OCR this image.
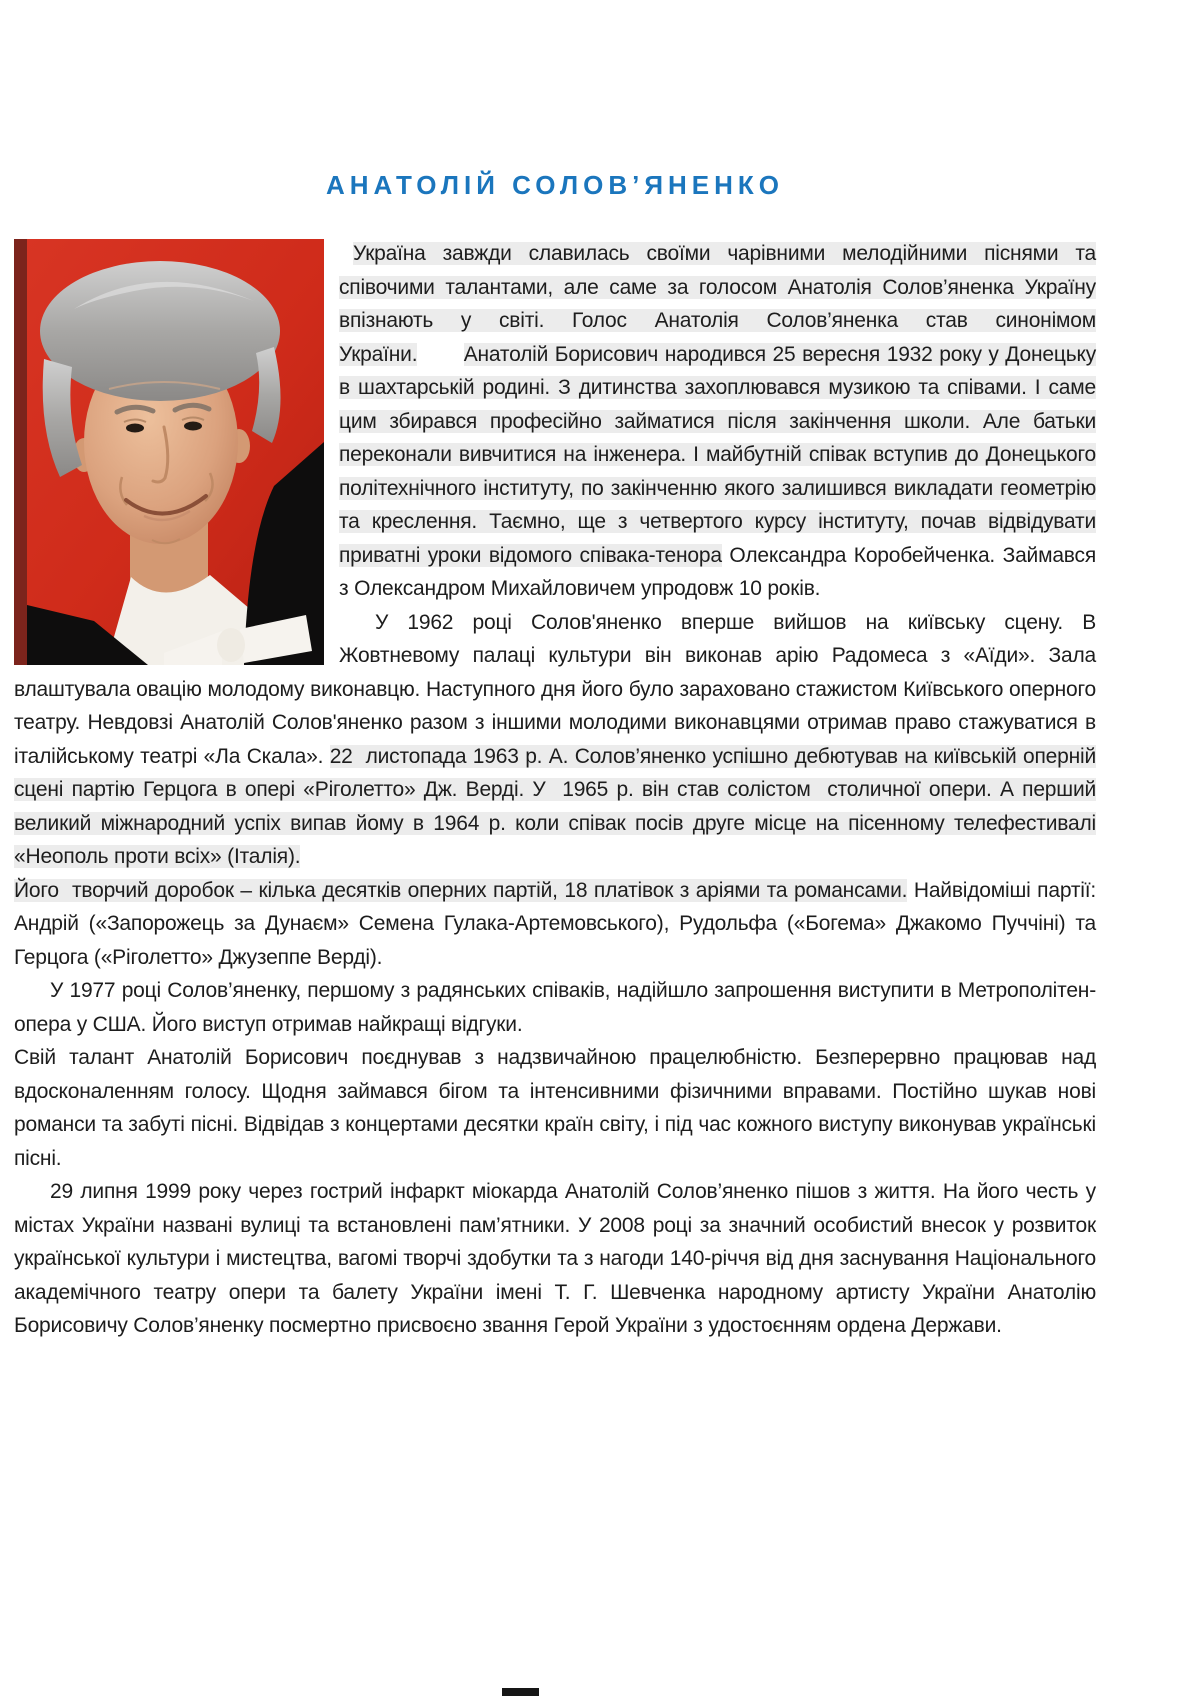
АНАТОЛІЙ СОЛОВ’ЯНЕНКО

Україна завжди славилась своїми чарівними мелодійними піснями та співочими талантами, але саме за голосом Анатолія Солов’яненка Україну впізнають у світі. Голос Анатолія Солов’яненка став синонімом України. Анатолій Борисович народився 25 вересня 1932 року у Донецьку в шахтарській родині. З дитинства захоплювався музикою та співами. І саме цим збирався професійно займатися після закінчення школи. Але батьки переконали вивчитися на інженера. І майбутній співак вступив до Донецького політехнічного інституту, по закінченню якого залишився викладати геометрію та креслення. Таємно, ще з четвертого курсу інституту, почав відвідувати приватні уроки відомого співака-тенора Олександра Коробейченка. Займався з Олександром Михайловичем упродовж 10 років.

У 1962 році Солов'яненко вперше вийшов на київську сцену. В Жовтневому палаці культури він виконав арію Радомеса з «Аїди». Зала влаштувала овацію молодому виконавцю. Наступного дня його було зараховано стажистом Київського оперного театру. Невдовзі Анатолій Солов'яненко разом з іншими молодими виконавцями отримав право стажуватися в італійському театрі «Ла Скала». 22  листопада 1963 р. А. Солов’яненко успішно дебютував на київській оперній сцені партію Герцога в опері «Ріголетто» Дж. Верді. У  1965 р. він став солістом  столичної опери. А перший великий міжнародний успіх випав йому в 1964 р. коли співак посів друге місце на пісенному телефестивалі «Неополь проти всіх» (Італія).

Його  творчий доробок – кілька десятків оперних партій, 18 платівок з аріями та романсами. Найвідоміші партії: Андрій («Запорожець за Дунаєм» Семена Гулака-Артемовського), Рудольфа («Богема» Джакомо Пуччіні) та Герцога («Ріголетто» Джузеппе Верді).

У 1977 році Солов’яненку, першому з радянських співаків, надійшло запрошення виступити в Метрополітен-опера у США. Його виступ отримав найкращі відгуки.

Свій талант Анатолій Борисович поєднував з надзвичайною працелюбністю. Безперервно працював над вдосконаленням голосу. Щодня займався бігом та інтенсивними фізичними вправами. Постійно шукав нові романси та забуті пісні. Відвідав з концертами десятки країн світу, і під час кожного виступу виконував українські пісні.

29 липня 1999 року через гострий інфаркт міокарда Анатолій Солов’яненко пішов з життя. На його честь у містах України названі вулиці та встановлені пам’ятники. У 2008 році за значний особистий внесок у розвиток української культури і мистецтва, вагомі творчі здобутки та з нагоди 140-річчя від дня заснування Національного академічного театру опери та балету України імені Т. Г. Шевченка народному артисту України Анатолію Борисовичу Солов’яненку посмертно присвоєно звання Герой України з удостоєнням ордена Держави.
